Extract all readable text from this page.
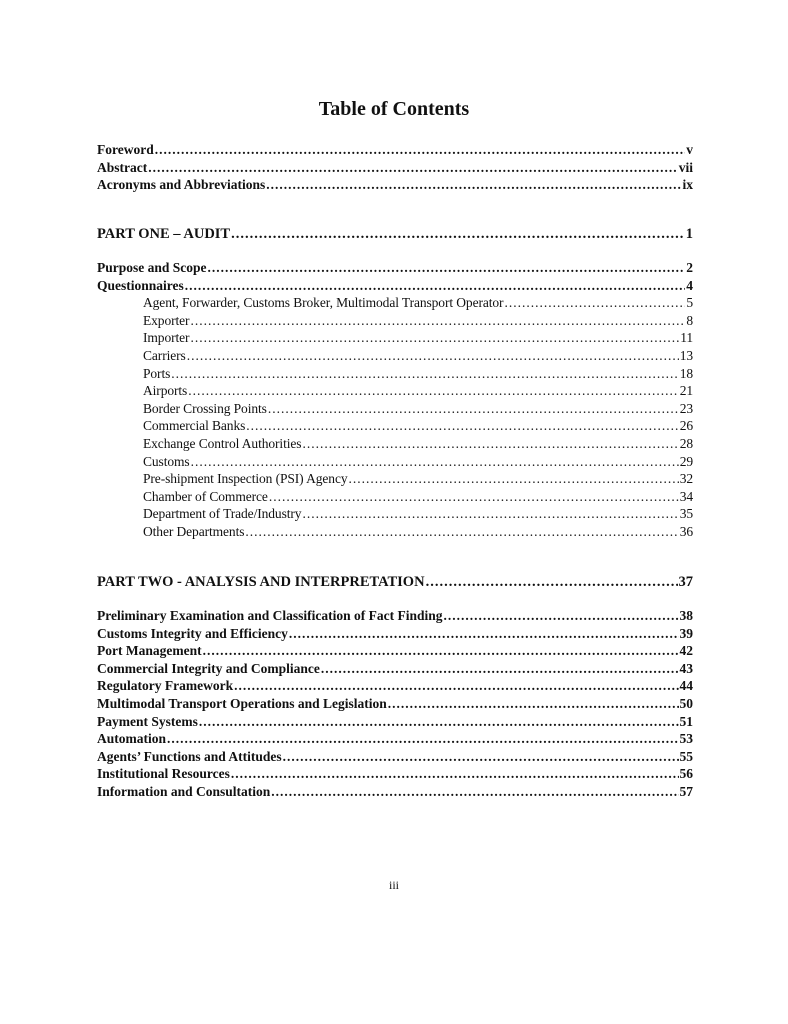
Table of Contents
Foreword .....	v
Abstract .....	vii
Acronyms and Abbreviations .....	ix
PART ONE – AUDIT .....	1
Purpose and Scope .....	2
Questionnaires .....	4
Agent, Forwarder, Customs Broker, Multimodal Transport Operator .....	5
Exporter .....	8
Importer .....	11
Carriers .....	13
Ports .....	18
Airports .....	21
Border Crossing Points .....	23
Commercial Banks .....	26
Exchange Control Authorities .....	28
Customs .....	29
Pre-shipment Inspection (PSI) Agency .....	32
Chamber of Commerce .....	34
Department of Trade/Industry .....	35
Other Departments .....	36
PART TWO - ANALYSIS AND INTERPRETATION .....	37
Preliminary Examination and Classification of Fact Finding .....	38
Customs Integrity and Efficiency .....	39
Port Management .....	42
Commercial Integrity and Compliance .....	43
Regulatory Framework .....	44
Multimodal Transport Operations and Legislation .....	50
Payment Systems .....	51
Automation .....	53
Agents’ Functions and Attitudes .....	55
Institutional Resources .....	56
Information and Consultation .....	57
iii
